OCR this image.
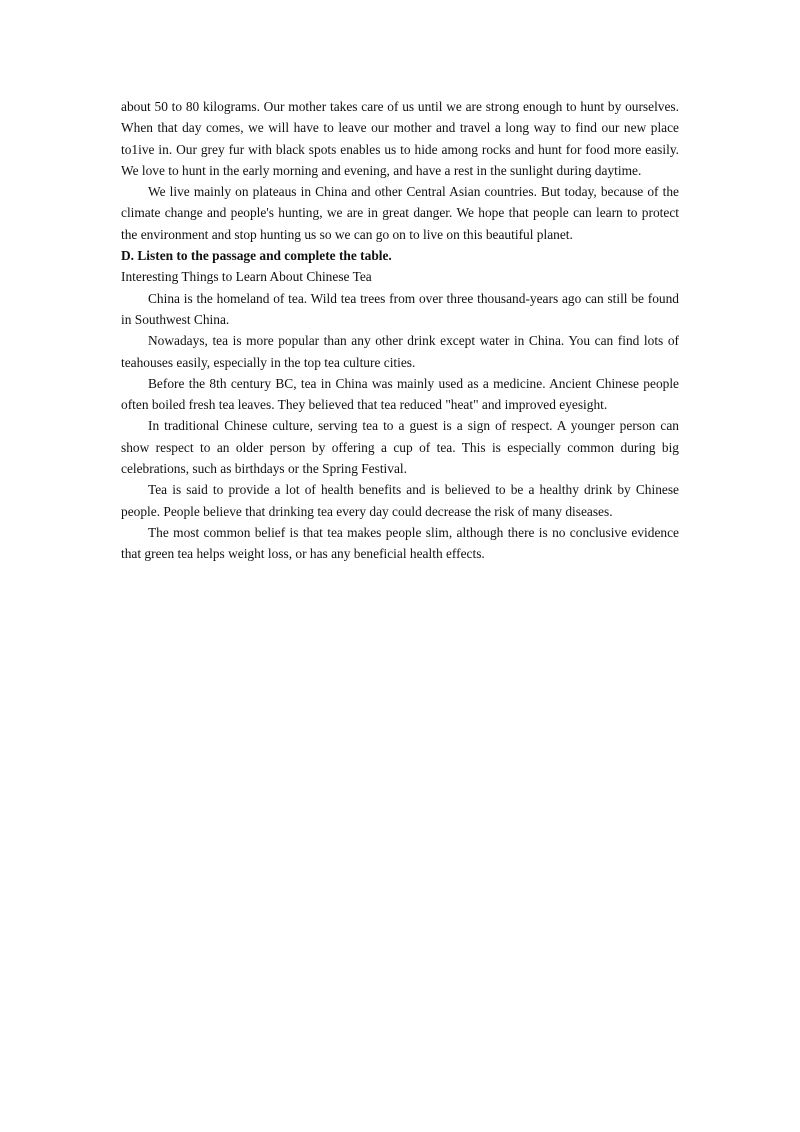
about 50 to 80 kilograms. Our mother takes care of us until we are strong enough to hunt by ourselves. When that day comes, we will have to leave our mother and travel a long way to find our new place to1ive in. Our grey fur with black spots enables us to hide among rocks and hunt for food more easily. We love to hunt in the early morning and evening, and have a rest in the sunlight during daytime.

We live mainly on plateaus in China and other Central Asian countries. But today, because of the climate change and people's hunting, we are in great danger. We hope that people can learn to protect the environment and stop hunting us so we can go on to live on this beautiful planet.

D. Listen to the passage and complete the table.

Interesting Things to Learn About Chinese Tea

China is the homeland of tea. Wild tea trees from over three thousand-years ago can still be found in Southwest China.

Nowadays, tea is more popular than any other drink except water in China. You can find lots of teahouses easily, especially in the top tea culture cities.

Before the 8th century BC, tea in China was mainly used as a medicine. Ancient Chinese people often boiled fresh tea leaves. They believed that tea reduced "heat" and improved eyesight.

In traditional Chinese culture, serving tea to a guest is a sign of respect. A younger person can show respect to an older person by offering a cup of tea. This is especially common during big celebrations, such as birthdays or the Spring Festival.

Tea is said to provide a lot of health benefits and is believed to be a healthy drink by Chinese people. People believe that drinking tea every day could decrease the risk of many diseases.

The most common belief is that tea makes people slim, although there is no conclusive evidence that green tea helps weight loss, or has any beneficial health effects.
